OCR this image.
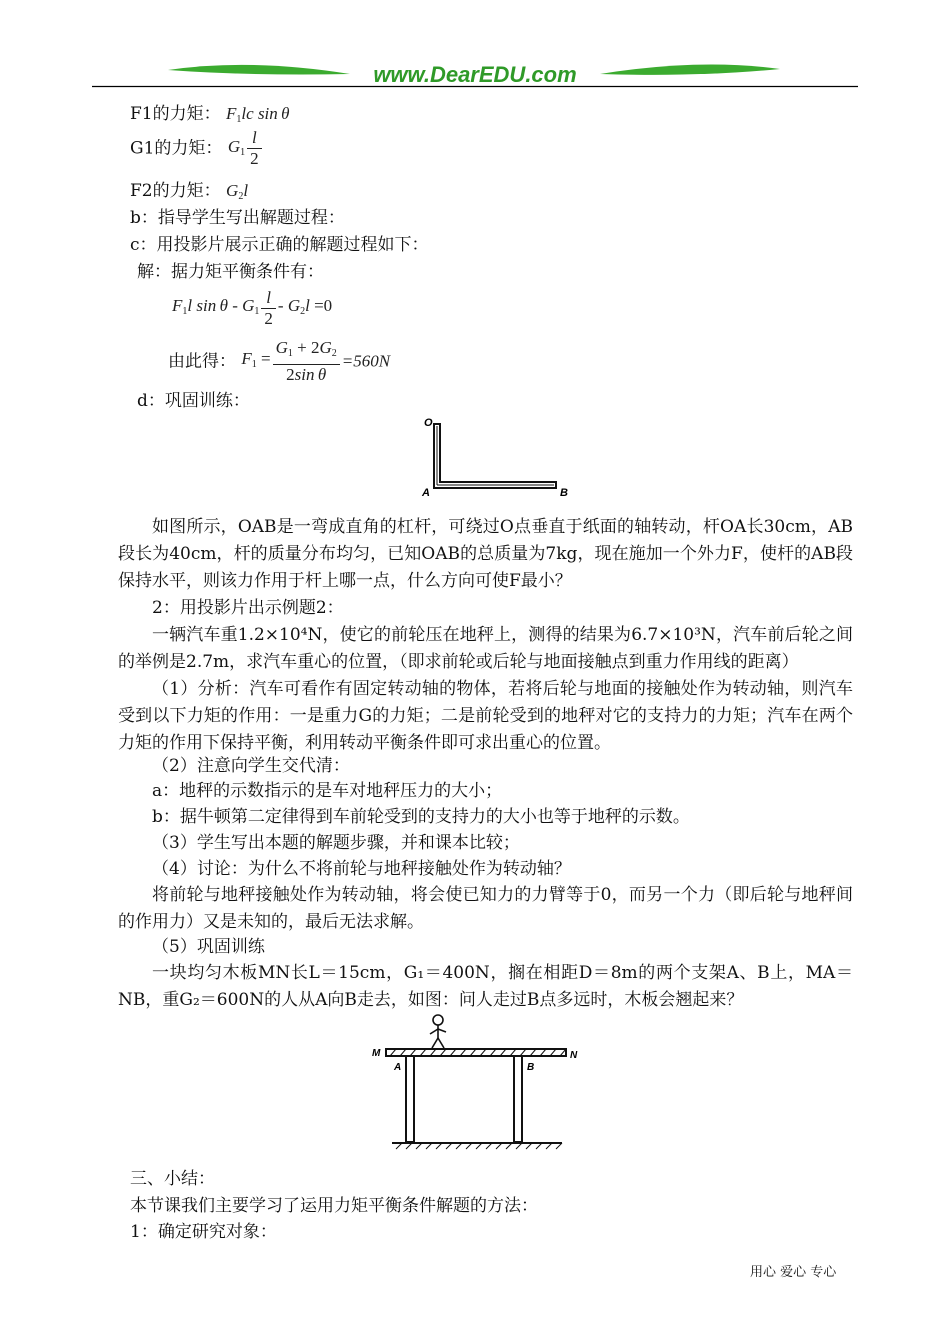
www.DearEDU.com
F1的力矩： $F_1lc$ sin θ
G1的力矩： $G_1 \frac{l}{2}$
F2的力矩： $G_2l$
b：指导学生写出解题过程：
c：用投影片展示正确的解题过程如下：
解：据力矩平衡条件有：
$F_1l$ $\sin \theta - G_1 \frac{l}{2} - G_2l =0$
由此得： $F_1 = \frac{G_1 + 2G_2}{\text{2sin θ}} =560N$
d：巩固训练：
O
A	B
如图所示，OAB是一弯成直角的杠杆，可绕过O点垂直于纸面的轴转动，杆OA长30cm，AB段长为40cm，杆的质量分布均匀，已知OAB的总质量为7kg，现在施加一个外力F，使杆的AB段保持水平，则该力作用于杆上哪一点，什么方向可使F最小？
2：用投影片出示例题2：
一辆汽车重1.2×10⁴N，使它的前轮压在地秤上，测得的结果为6.7×10³N，汽车前后轮之间的举例是2.7m，求汽车重心的位置，（即求前轮或后轮与地面接触点到重力作用线的距离）
（1）分析：汽车可看作有固定转动轴的物体，若将后轮与地面的接触处作为转动轴，则汽车受到以下力矩的作用：一是重力G的力矩；二是前轮受到的地秤对它的支持力的力矩；汽车在两个力矩的作用下保持平衡，利用转动平衡条件即可求出重心的位置。
（2）注意向学生交代清：
a：地秤的示数指示的是车对地秤压力的大小；
b：据牛顿第二定律得到车前轮受到的支持力的大小也等于地秤的示数。
（3）学生写出本题的解题步骤，并和课本比较；
（4）讨论：为什么不将前轮与地秤接触处作为转动轴？
将前轮与地秤接触处作为转动轴，将会使已知力的力臂等于0，而另一个力（即后轮与地秤间的作用力）又是未知的，最后无法求解。
（5）巩固训练
一块均匀木板MN长L＝15cm，G₁＝400N，搁在相距D＝8m的两个支架A、B上，MA＝NB，重G₂＝600N的人从A向B走去，如图：问人走过B点多远时，木板会翘起来？
M	N
A	B
三、小结：
本节课我们主要学习了运用力矩平衡条件解题的方法：
1：确定研究对象：
用心 爱心 专心
